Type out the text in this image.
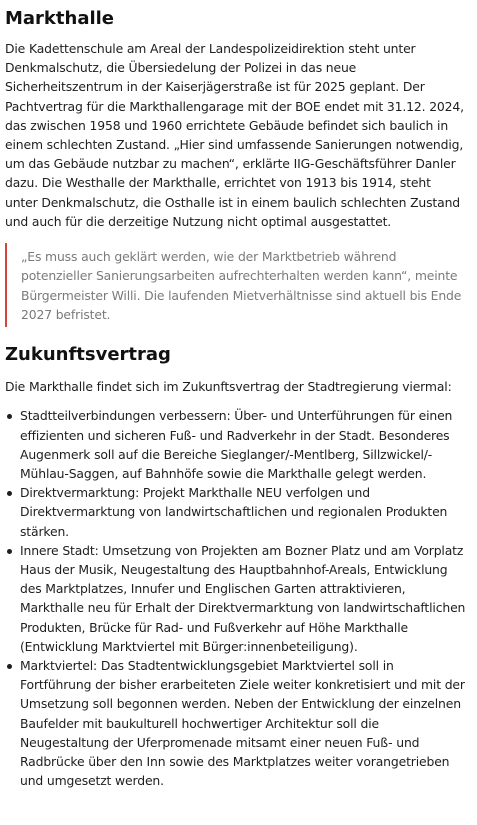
Markthalle

Die Kadettenschule am Areal der Landespolizeidirektion steht unter Denkmalschutz, die Übersiedelung der Polizei in das neue Sicherheitszentrum in der Kaiserjägerstraße ist für 2025 geplant. Der Pachtvertrag für die Markthallengarage mit der BOE endet mit 31.12. 2024, das zwischen 1958 und 1960 errichtete Gebäude befindet sich baulich in einem schlechten Zustand. „Hier sind umfassende Sanierungen notwendig, um das Gebäude nutzbar zu machen“, erklärte IIG-Geschäftsführer Danler dazu. Die Westhalle der Markthalle, errichtet von 1913 bis 1914, steht unter Denkmalschutz, die Osthalle ist in einem baulich schlechten Zustand und auch für die derzeitige Nutzung nicht optimal ausgestattet.

„Es muss auch geklärt werden, wie der Marktbetrieb während potenzieller Sanierungsarbeiten aufrechterhalten werden kann“, meinte Bürgermeister Willi. Die laufenden Mietverhältnisse sind aktuell bis Ende 2027 befristet.
Zukunftsvertrag

Die Markthalle findet sich im Zukunftsvertrag der Stadtregierung viermal:

Stadtteilverbindungen verbessern: Über- und Unterführungen für einen effizienten und sicheren Fuß- und Radverkehr in der Stadt. Besonderes Augenmerk soll auf die Bereiche Sieglanger/-Mentlberg, Sillzwickel/-Mühlau-Saggen, auf Bahnhöfe sowie die Markthalle gelegt werden.
Direktvermarktung: Projekt Markthalle NEU verfolgen und Direktvermarktung von landwirtschaftlichen und regionalen Produkten stärken.
Innere Stadt: Umsetzung von Projekten am Bozner Platz und am Vorplatz Haus der Musik, Neugestaltung des Hauptbahnhof-Areals, Entwicklung des Marktplatzes, Innufer und Englischen Garten attraktivieren, Markthalle neu für Erhalt der Direktvermarktung von landwirtschaftlichen Produkten, Brücke für Rad- und Fußverkehr auf Höhe Markthalle (Entwicklung Marktviertel mit Bürger:innenbeteiligung).
Marktviertel: Das Stadtentwicklungsgebiet Marktviertel soll in Fortführung der bisher erarbeiteten Ziele weiter konkretisiert und mit der Umsetzung soll begonnen werden. Neben der Entwicklung der einzelnen Baufelder mit baukulturell hochwertiger Architektur soll die Neugestaltung der Uferpromenade mitsamt einer neuen Fuß- und Radbrücke über den Inn sowie des Marktplatzes weiter vorangetrieben und umgesetzt werden.
